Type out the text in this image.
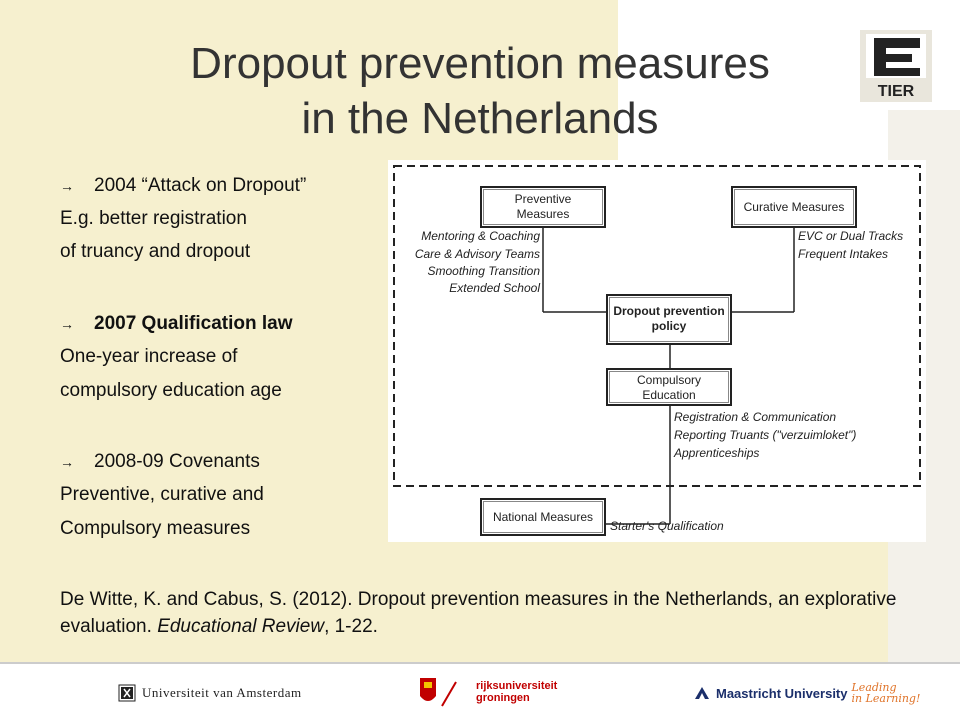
Dropout prevention measures
in the Netherlands
TIER
→ 2004 “Attack on Dropout”
E.g. better registration
of truancy and dropout
→ 2007 Qualification law
One-year increase of
compulsory education age
→ 2008-09 Covenants
Preventive, curative and
Compulsory measures
Preventive
Measures	Curative Measures
Dropout prevention
policy
Compulsory
Education
National Measures
Mentoring & Coaching
Care & Advisory Teams
Smoothing Transition
Extended School
EVC or Dual Tracks
Frequent Intakes
Registration & Communication
Reporting Truants ("verzuimloket")
Apprenticeships
Starter's Qualification
De Witte, K. and Cabus, S. (2012). Dropout prevention measures in the Netherlands, an explorative evaluation. Educational Review, 1-22.
Universiteit van Amsterdam	rijksuniversiteit
groningen	Maastricht University Leading
in Learning!
